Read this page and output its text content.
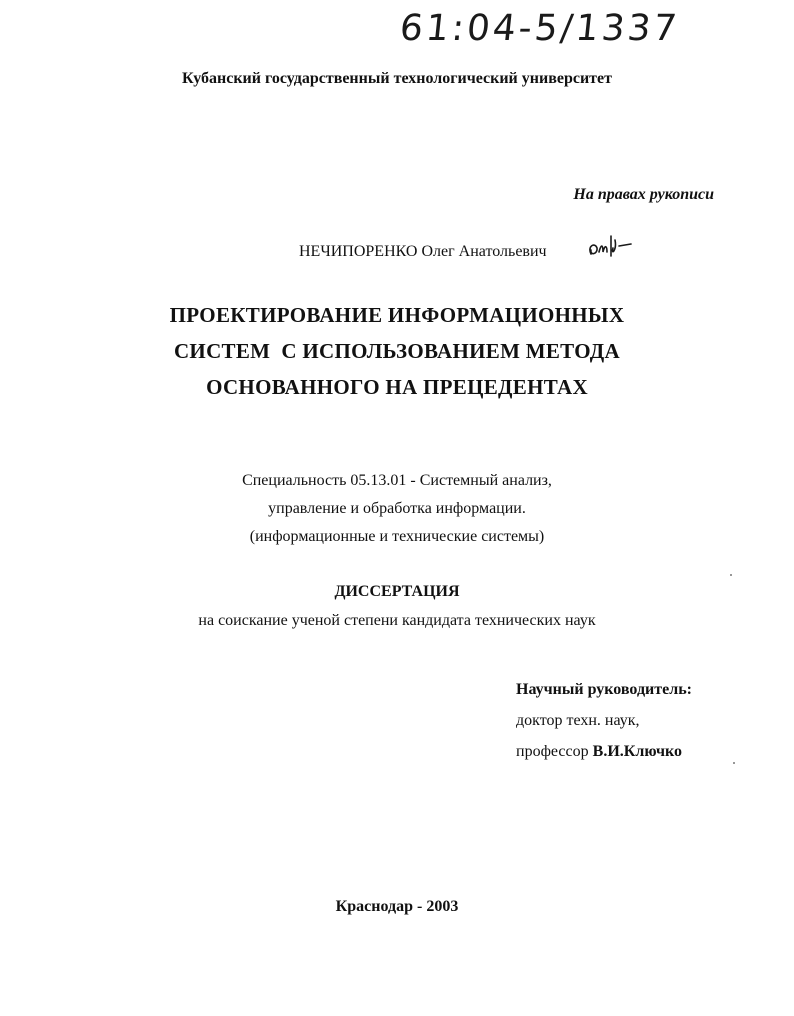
61:04-5/1337
Кубанский государственный технологический университет
На правах рукописи
НЕЧИПОРЕНКО Олег Анатольевич
ПРОЕКТИРОВАНИЕ ИНФОРМАЦИОННЫХ
СИСТЕМ  С ИСПОЛЬЗОВАНИЕМ МЕТОДА
ОСНОВАННОГО НА ПРЕЦЕДЕНТАХ
Специальность 05.13.01 - Системный анализ,
управление и обработка информации.
(информационные и технические системы)
ДИССЕРТАЦИЯ
на соискание ученой степени кандидата технических наук
Научный руководитель:
доктор техн. наук,
профессор В.И.Ключко
Краснодар - 2003
